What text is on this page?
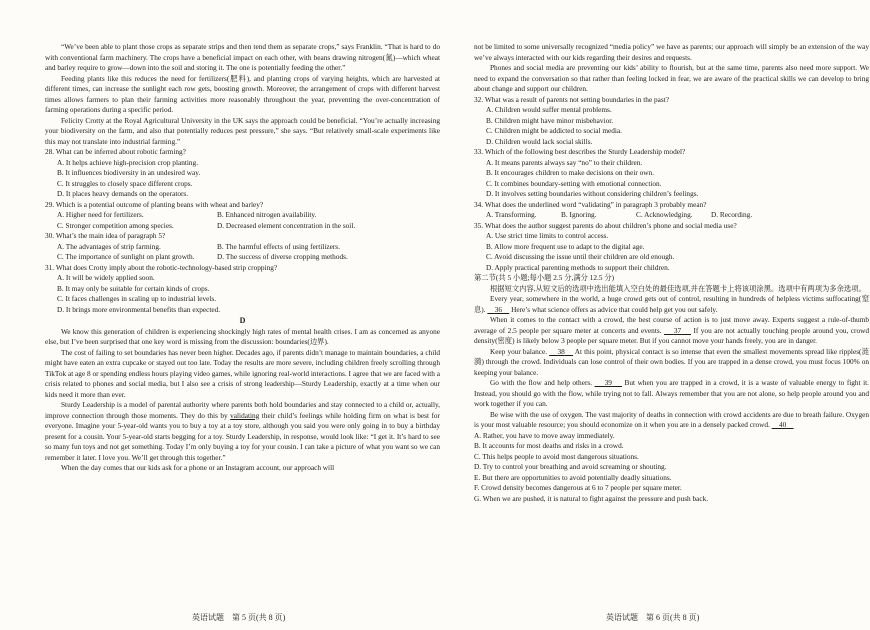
“We’ve been able to plant those crops as separate strips and then tend them as separate crops,” says Franklin. “That is hard to do with conventional farm machinery. The crops have a beneficial impact on each other, with beans drawing nitrogen(氮)—which wheat and barley require to grow—down into the soil and storing it. The one is potentially feeding the other.”

Feeding plants like this reduces the need for fertilizers(肥料), and planting crops of varying heights, which are harvested at different times, can increase the sunlight each row gets, boosting growth. Moreover, the arrangement of crops with different harvest times allows farmers to plan their farming activities more reasonably throughout the year, preventing the over-concentration of farming operations during a specific period.

Felicity Crotty at the Royal Agricultural University in the UK says the approach could be beneficial. “You’re actually increasing your biodiversity on the farm, and also that potentially reduces pest pressure,” she says. “But relatively small-scale experiments like this may not translate into industrial farming.”

28. What can be inferred about robotic farming?

A. It helps achieve high-precision crop planting.

B. It influences biodiversity in an undesired way.

C. It struggles to closely space different crops.

D. It places heavy demands on the operators.

29. Which is a potential outcome of planting beans with wheat and barley?

A. Higher need for fertilizers.	B. Enhanced nitrogen availability.
C. Stronger competition among species.	D. Decreased element concentration in the soil.

30. What’s the main idea of paragraph 5?

A. The advantages of strip farming.	B. The harmful effects of using fertilizers.
C. The importance of sunlight on plant growth.	D. The success of diverse cropping methods.

31. What does Crotty imply about the robotic-technology-based strip cropping?

A. It will be widely applied soon.

B. It may only be suitable for certain kinds of crops.

C. It faces challenges in scaling up to industrial levels.

D. It brings more environmental benefits than expected.

D

We know this generation of children is experiencing shockingly high rates of mental health crises. I am as concerned as anyone else, but I’ve been surprised that one key word is missing from the discussion: boundaries(边界).

The cost of failing to set boundaries has never been higher. Decades ago, if parents didn’t manage to maintain boundaries, a child might have eaten an extra cupcake or stayed out too late. Today the results are more severe, including children freely scrolling through TikTok at age 8 or spending endless hours playing video games, while ignoring real-world interactions. I agree that we are faced with a crisis related to phones and social media, but I also see a crisis of strong leadership—Sturdy Leadership, exactly at a time when our kids need it more than ever.

Sturdy Leadership is a model of parental authority where parents both hold boundaries and stay connected to a child or, actually, improve connection through those moments. They do this by validating their child’s feelings while holding firm on what is best for everyone. Imagine your 5-year-old wants you to buy a toy at a toy store, although you said you were only going in to buy a birthday present for a cousin. Your 5-year-old starts begging for a toy. Sturdy Leadership, in response, would look like: “I get it. It’s hard to see so many fun toys and not get something. Today I’m only buying a toy for your cousin. I can take a picture of what you want so we can remember it later. I love you. We’ll get through this together.”

When the day comes that our kids ask for a phone or an Instagram account, our approach will

not be limited to some universally recognized “media policy” we have as parents; our approach will simply be an extension of the way we’ve always interacted with our kids regarding their desires and requests.

Phones and social media are preventing our kids’ ability to flourish, but at the same time, parents also need more support. We need to expand the conversation so that rather than feeling locked in fear, we are aware of the practical skills we can develop to bring about change and support our children.

32. What was a result of parents not setting boundaries in the past?

A. Children would suffer mental problems.

B. Children might have minor misbehavior.

C. Children might be addicted to social media.

D. Children would lack social skills.

33. Which of the following best describes the Sturdy Leadership model?

A. It means parents always say “no” to their children.

B. It encourages children to make decisions on their own.

C. It combines boundary-setting with emotional connection.

D. It involves setting boundaries without considering children’s feelings.

34. What does the underlined word “validating” in paragraph 3 probably mean?

A. Transforming.	B. Ignoring.	C. Acknowledging.	D. Recording.

35. What does the author suggest parents do about children’s phone and social media use?

A. Use strict time limits to control access.

B. Allow more frequent use to adapt to the digital age.

C. Avoid discussing the issue until their children are old enough.

D. Apply practical parenting methods to support their children.

第二节(共 5 小题;每小题 2.5 分,满分 12.5 分)

根据短文内容,从短文后的选项中选出能填入空白处的最佳选项,并在答题卡上将该项涂黑。选项中有两项为多余选项。

Every year, somewhere in the world, a huge crowd gets out of control, resulting in hundreds of helpless victims suffocating(窒息).     36     Here’s what science offers as advice that could help get you out safely.

When it comes to the contact with a crowd, the best course of action is to just move away. Experts suggest a rule-of-thumb average of 2.5 people per square meter at concerts and events.     37     If you are not actually touching people around you, crowd density(密度) is likely below 3 people per square meter. But if you cannot move your hands freely, you are in danger.

Keep your balance.     38     At this point, physical contact is so intense that even the smallest movements spread like ripples(涟漪) through the crowd. Individuals can lose control of their own bodies. If you are trapped in a dense crowd, you must focus 100% on keeping your balance.

Go with the flow and help others.     39     But when you are trapped in a crowd, it is a waste of valuable energy to fight it. Instead, you should go with the flow, while trying not to fall. Always remember that you are not alone, so help people around you and work together if you can.

Be wise with the use of oxygen. The vast majority of deaths in connection with crowd accidents are due to breath failure. Oxygen is your most valuable resource; you should economize on it when you are in a densely packed crowd.     40

A. Rather, you have to move away immediately.

B. It accounts for most deaths and risks in a crowd.

C. This helps people to avoid most dangerous situations.

D. Try to control your breathing and avoid screaming or shouting.

E. But there are opportunities to avoid potentially deadly situations.

F. Crowd density becomes dangerous at 6 to 7 people per square meter.

G. When we are pushed, it is natural to fight against the pressure and push back.

英语试题　第 5 页(共 8 页)	英语试题　第 6 页(共 8 页)
